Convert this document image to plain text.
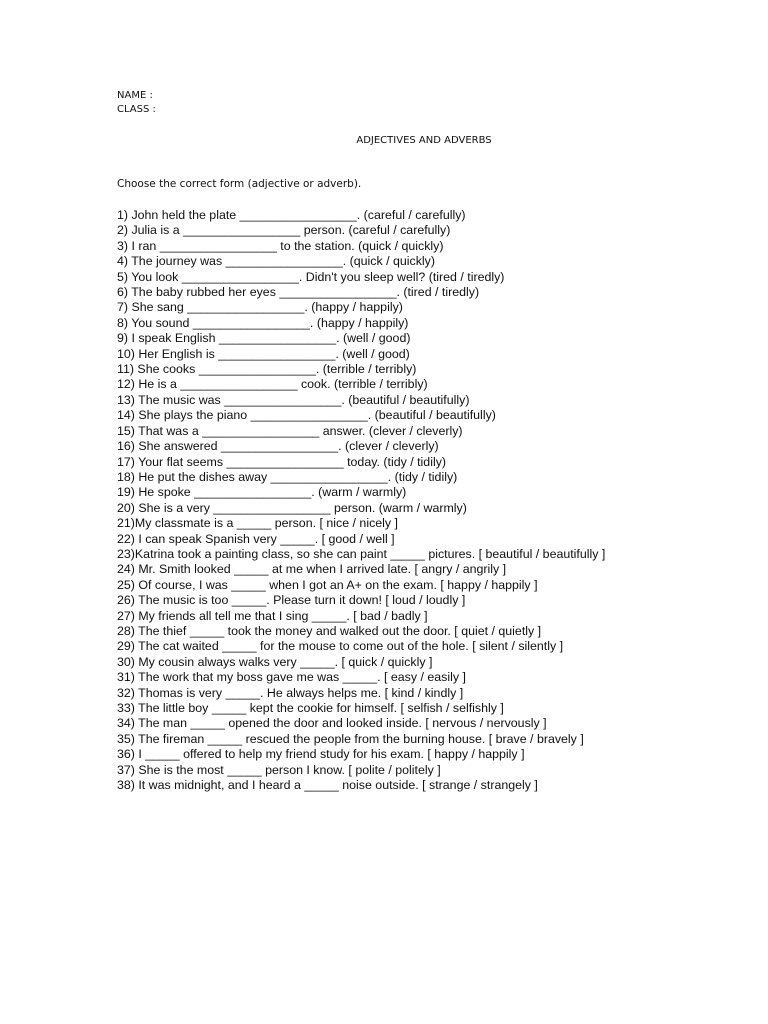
NAME :

CLASS :

ADJECTIVES AND ADVERBS

Choose the correct form (adjective or adverb).

1) John held the plate _________________. (careful / carefully)
2) Julia is a _________________ person. (careful / carefully)
3) I ran _________________ to the station. (quick / quickly)
4) The journey was _________________. (quick / quickly)
5) You look _________________. Didn't you sleep well? (tired / tiredly)
6) The baby rubbed her eyes _________________. (tired / tiredly)
7) She sang _________________. (happy / happily)
8) You sound _________________. (happy / happily)
9) I speak English _________________. (well / good)
10) Her English is _________________. (well / good)
11) She cooks _________________. (terrible / terribly)
12) He is a _________________ cook. (terrible / terribly)
13) The music was _________________. (beautiful / beautifully)
14) She plays the piano _________________. (beautiful / beautifully)
15) That was a _________________ answer. (clever / cleverly)
16) She answered _________________. (clever / cleverly)
17) Your flat seems _________________ today. (tidy / tidily)
18) He put the dishes away _________________. (tidy / tidily)
19) He spoke _________________. (warm / warmly)
20) She is a very _________________ person. (warm / warmly)
21)My classmate is a _____ person. [ nice / nicely ]
22) I can speak Spanish very _____. [ good / well ]
23)Katrina took a painting class, so she can paint _____ pictures. [ beautiful / beautifully ]
24) Mr. Smith looked _____ at me when I arrived late. [ angry / angrily ]
25) Of course, I was _____ when I got an A+ on the exam. [ happy / happily ]
26) The music is too _____. Please turn it down! [ loud / loudly ]
27) My friends all tell me that I sing _____. [ bad / badly ]
28) The thief _____ took the money and walked out the door. [ quiet / quietly ]
29) The cat waited _____ for the mouse to come out of the hole. [ silent / silently ]
30) My cousin always walks very _____. [ quick / quickly ]
31) The work that my boss gave me was _____. [ easy / easily ]
32) Thomas is very _____. He always helps me. [ kind / kindly ]
33) The little boy _____ kept the cookie for himself. [ selfish / selfishly ]
34) The man _____ opened the door and looked inside. [ nervous / nervously ]
35) The fireman _____ rescued the people from the burning house. [ brave / bravely ]
36) I _____ offered to help my friend study for his exam. [ happy / happily ]
37) She is the most _____ person I know. [ polite / politely ]
38) It was midnight, and I heard a _____ noise outside. [ strange / strangely ]
